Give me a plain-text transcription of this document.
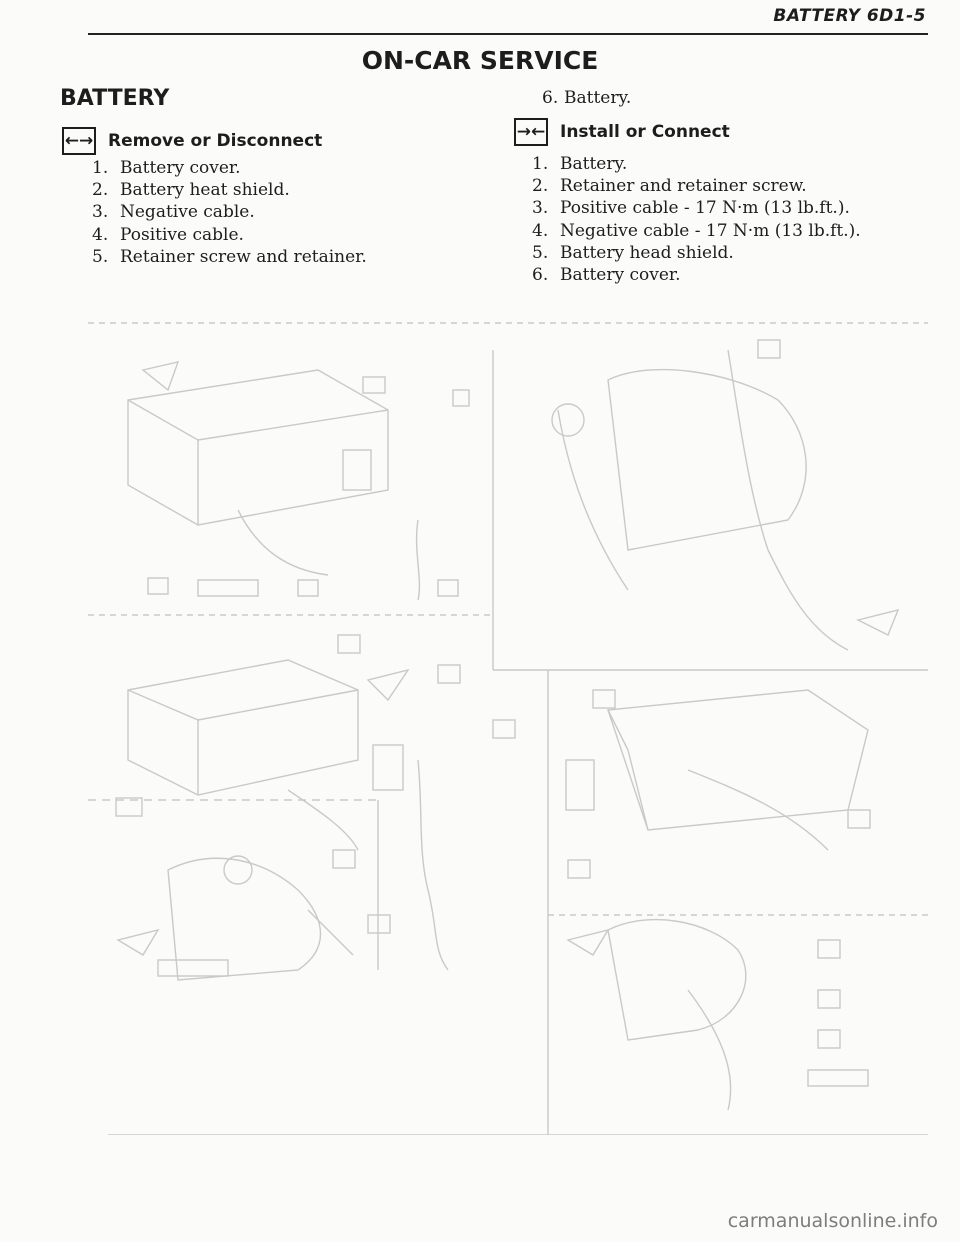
BATTERY 6D1-5
ON-CAR SERVICE
BATTERY
←→ Remove or Disconnect
1. Battery cover.
2. Battery heat shield.
3. Negative cable.
4. Positive cable.
5. Retainer screw and retainer.
6. Battery.
→← Install or Connect
1. Battery.
2. Retainer and retainer screw.
3. Positive cable - 17 N·m (13 lb.ft.).
4. Negative cable - 17 N·m (13 lb.ft.).
5. Battery head shield.
6. Battery cover.
carmanualsonline.info
